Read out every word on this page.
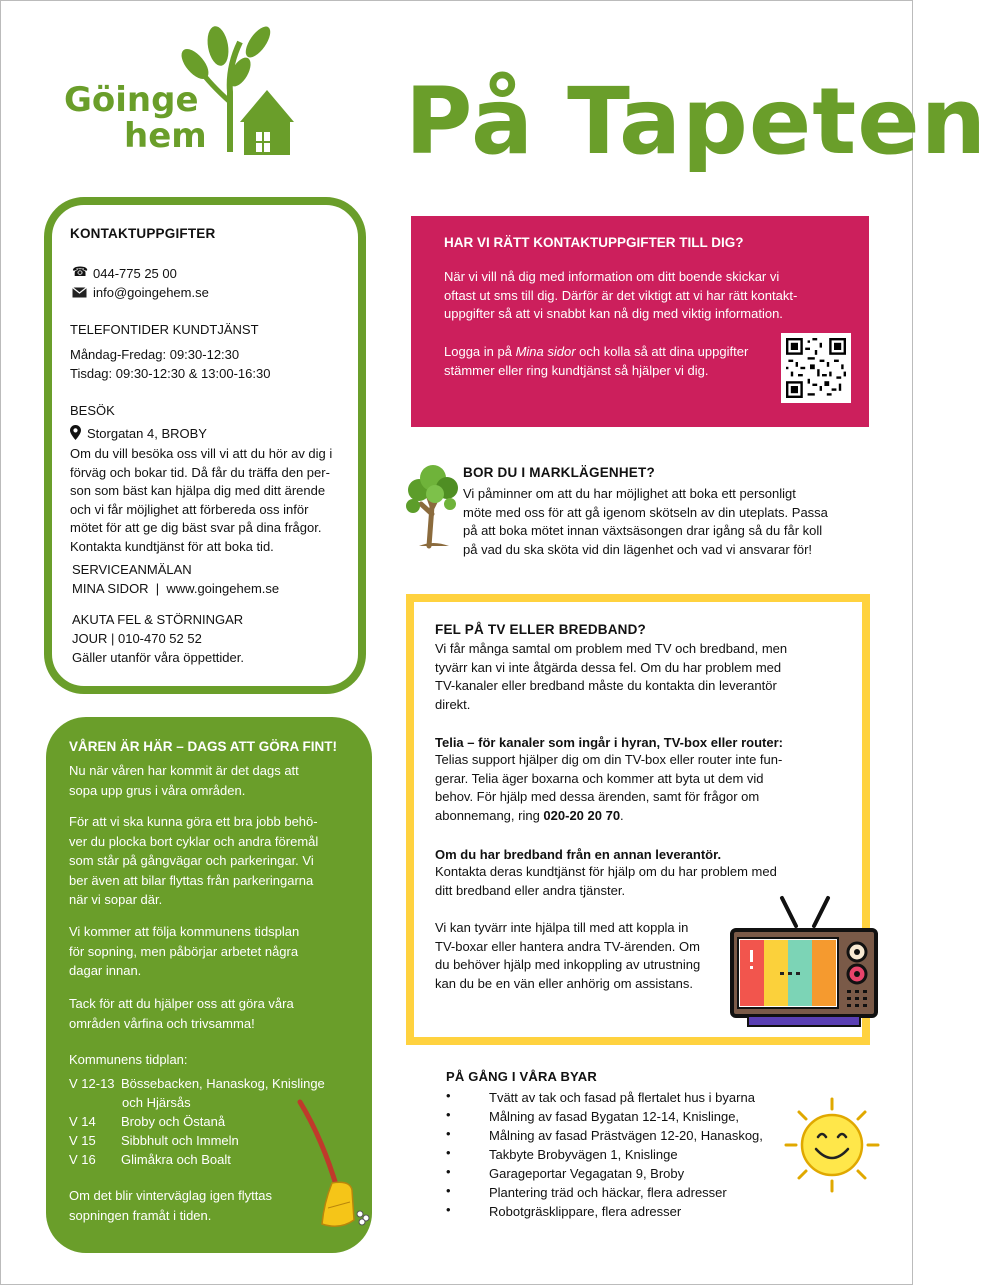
Göinge
hem På Tapeten
KONTAKTUPPGIFTER
☎ 044-775 25 00
info@goingehem.se
TELEFONTIDER KUNDTJÄNST
Måndag-Fredag: 09:30-12:30
Tisdag: 09:30-12:30 & 13:00-16:30
BESÖK
Storgatan 4, BROBY
Om du vill besöka oss vill vi att du hör av dig i
förväg och bokar tid. Då får du träffa den per-
son som bäst kan hjälpa dig med ditt ärende
och vi får möjlighet att förbereda oss inför
mötet för att ge dig bäst svar på dina frågor.
Kontakta kundtjänst för att boka tid.
SERVICEANMÄLAN
MINA SIDOR  |  www.goingehem.se
AKUTA FEL & STÖRNINGAR
JOUR | 010-470 52 52
Gäller utanför våra öppettider.
VÅREN ÄR HÄR – DAGS ATT GÖRA FINT!
Nu när våren har kommit är det dags att
sopa upp grus i våra områden.
För att vi ska kunna göra ett bra jobb behö-
ver du plocka bort cyklar och andra föremål
som står på gångvägar och parkeringar. Vi
ber även att bilar flyttas från parkeringarna
när vi sopar där.
Vi kommer att följa kommunens tidsplan
för sopning, men påbörjar arbetet några
dagar innan.
Tack för att du hjälper oss att göra våra
områden vårfina och trivsamma!
Kommunens tidplan:
V 12-13 Bössebacken, Hanaskog, Knislinge
och Hjärsås
V 14 Broby och Östanå
V 15 Sibbhult och Immeln
V 16 Glimåkra och Boalt
Om det blir vinterväglag igen flyttas
sopningen framåt i tiden.
HAR VI RÄTT KONTAKTUPPGIFTER TILL DIG?
När vi vill nå dig med information om ditt boende skickar vi
oftast ut sms till dig. Därför är det viktigt att vi har rätt kontakt-
uppgifter så att vi snabbt kan nå dig med viktig information.
Logga in på Mina sidor och kolla så att dina uppgifter
stämmer eller ring kundtjänst så hjälper vi dig.
BOR DU I MARKLÄGENHET?
Vi påminner om att du har möjlighet att boka ett personligt
möte med oss för att gå igenom skötseln av din uteplats. Passa
på att boka mötet innan växtsäsongen drar igång så du får koll
på vad du ska sköta vid din lägenhet och vad vi ansvarar för!
FEL PÅ TV ELLER BREDBAND?
Vi får många samtal om problem med TV och bredband, men
tyvärr kan vi inte åtgärda dessa fel. Om du har problem med
TV-kanaler eller bredband måste du kontakta din leverantör
direkt.
Telia – för kanaler som ingår i hyran, TV-box eller router:
Telias support hjälper dig om din TV-box eller router inte fun-
gerar. Telia äger boxarna och kommer att byta ut dem vid
behov. För hjälp med dessa ärenden, samt för frågor om
abonnemang, ring 020-20 20 70.
Om du har bredband från en annan leverantör.
Kontakta deras kundtjänst för hjälp om du har problem med
ditt bredband eller andra tjänster.
Vi kan tyvärr inte hjälpa till med att koppla in
TV-boxar eller hantera andra TV-ärenden. Om
du behöver hjälp med inkoppling av utrustning
kan du be en vän eller anhörig om assistans.
PÅ GÅNG I VÅRA BYAR
•	Tvätt av tak och fasad på flertalet hus i byarna
•	Målning av fasad Bygatan 12-14, Knislinge,
•	Målning av fasad Prästvägen 12-20, Hanaskog,
•	Takbyte Brobyvägen 1, Knislinge
•	Garageportar Vegagatan 9, Broby
•	Plantering träd och häckar, flera adresser
•	Robotgräsklippare, flera adresser
